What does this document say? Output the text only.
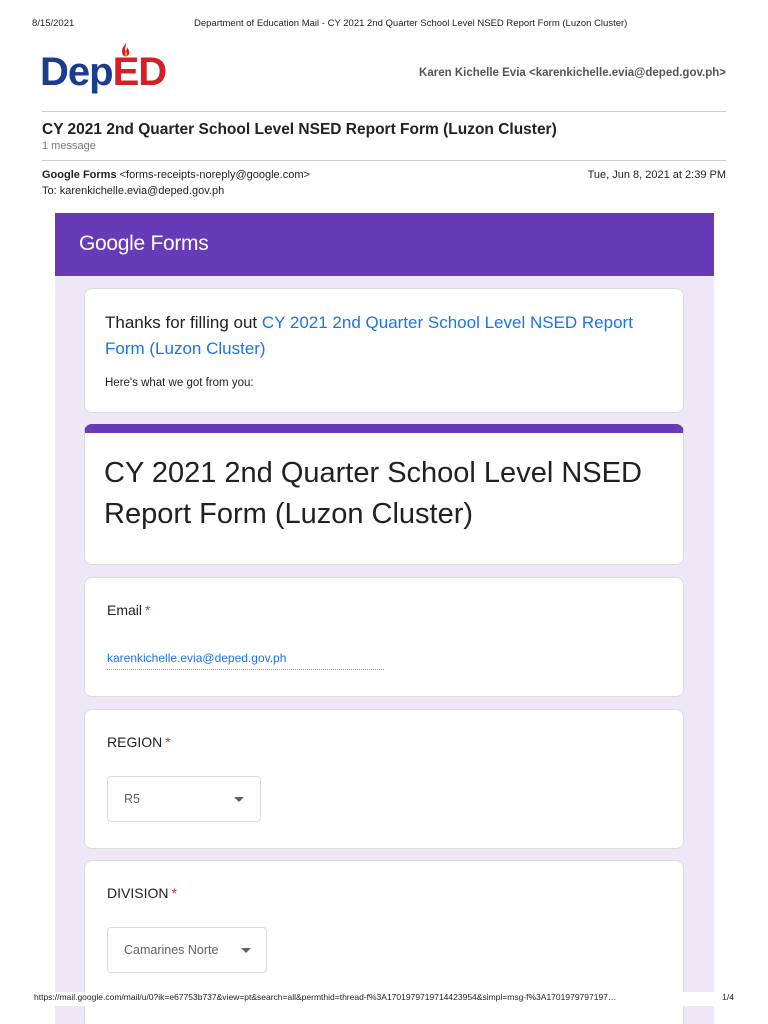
8/15/2021	Department of Education Mail - CY 2021 2nd Quarter School Level NSED Report Form (Luzon Cluster)
DepED	Karen Kichelle Evia <karenkichelle.evia@deped.gov.ph>
CY 2021 2nd Quarter School Level NSED Report Form (Luzon Cluster)
1 message
Google Forms <forms-receipts-noreply@google.com>
To: karenkichelle.evia@deped.gov.ph
Tue, Jun 8, 2021 at 2:39 PM
Google Forms
Thanks for filling out CY 2021 2nd Quarter School Level NSED Report Form (Luzon Cluster)
Here's what we got from you:
CY 2021 2nd Quarter School Level NSED Report Form (Luzon Cluster)
Email *
karenkichelle.evia@deped.gov.ph
REGION *
R5
DIVISION *
Camarines Norte
https://mail.google.com/mail/u/0?ik=e67753b737&view=pt&search=all&permthid=thread-f%3A1701979719714423954&simpl=msg-f%3A1701979797197…	1/4
